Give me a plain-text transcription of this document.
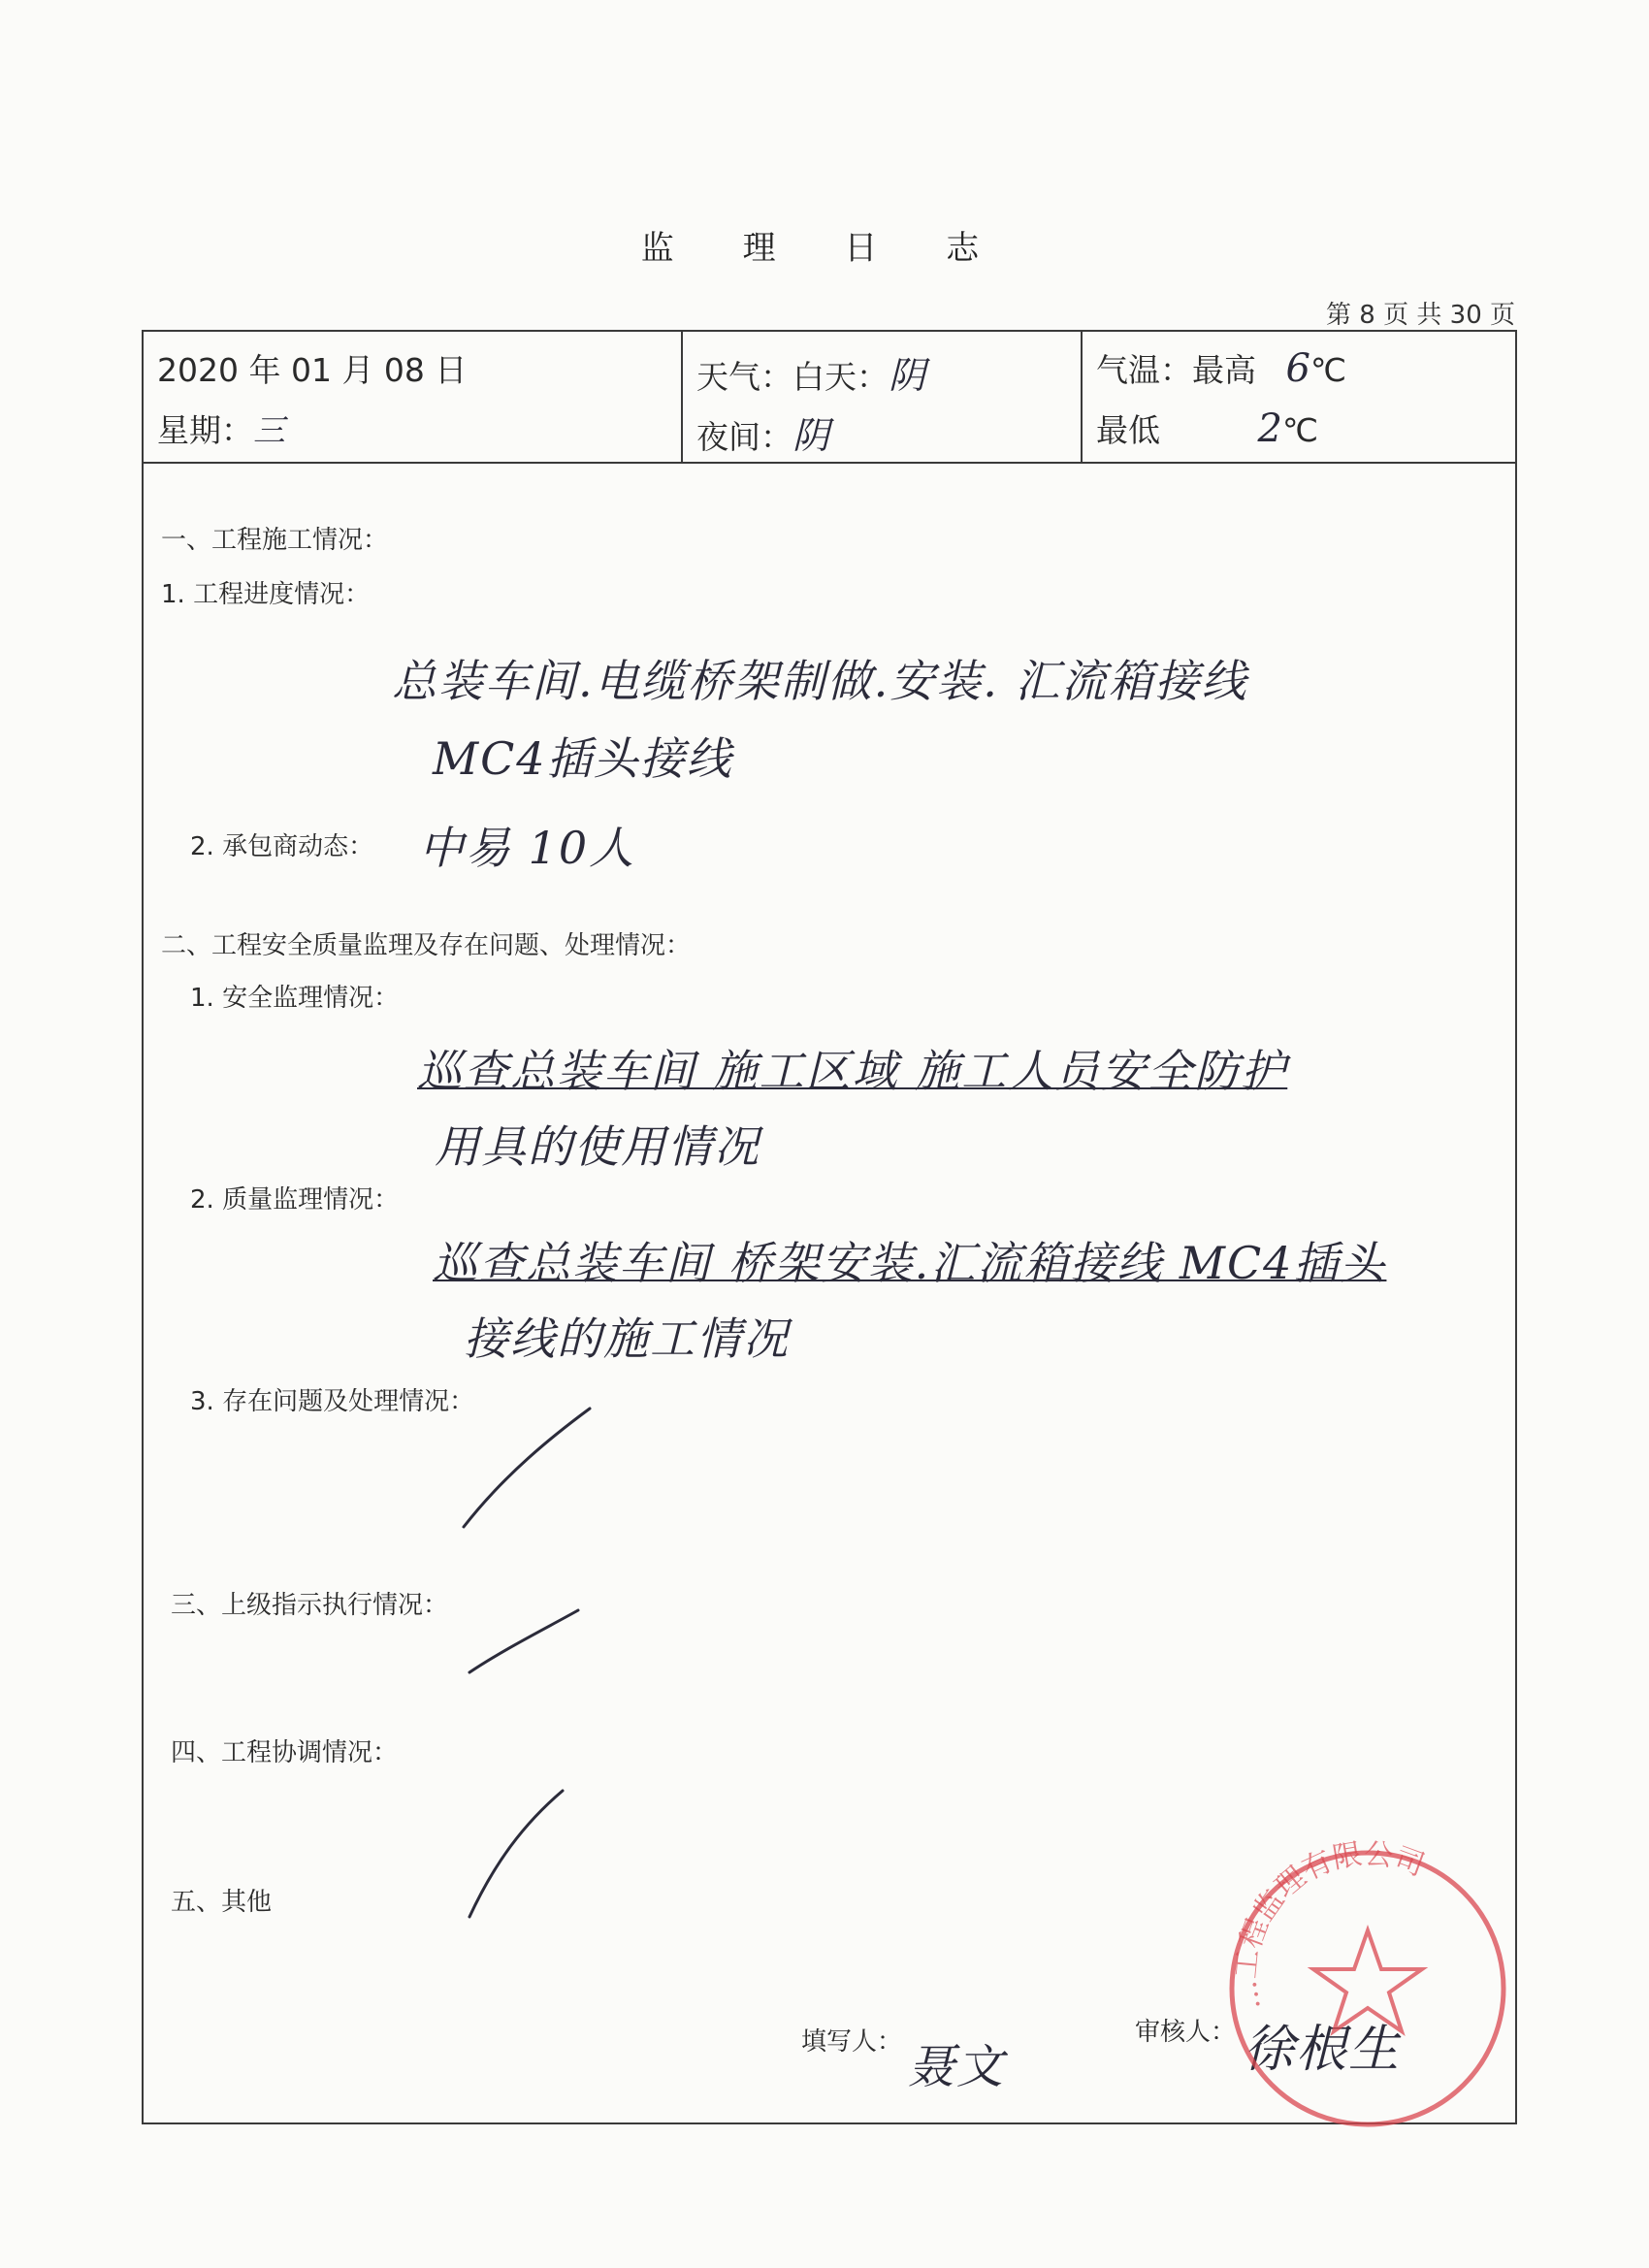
监 理 日 志
第 8 页 共 30 页
2020 年 01 月 08 日
星期：三
天气：白天：阴
夜间：阴
气温：最高 6℃
最低	2℃
一、工程施工情况：
1. 工程进度情况：
总装车间.电缆桥架制做.安装. 汇流箱接线
MC4插头接线
2. 承包商动态： 中易 10人
二、工程安全质量监理及存在问题、处理情况：
1. 安全监理情况：
巡查总装车间 施工区域 施工人员安全防护
用具的使用情况
2. 质量监理情况：
巡查总装车间 桥架安装.汇流箱接线 MC4插头
接线的施工情况
3. 存在问题及处理情况：
三、上级指示执行情况：
四、工程协调情况：
五、其他
填写人： 聂文
审核人： 徐根生
…工程监理有限公司
